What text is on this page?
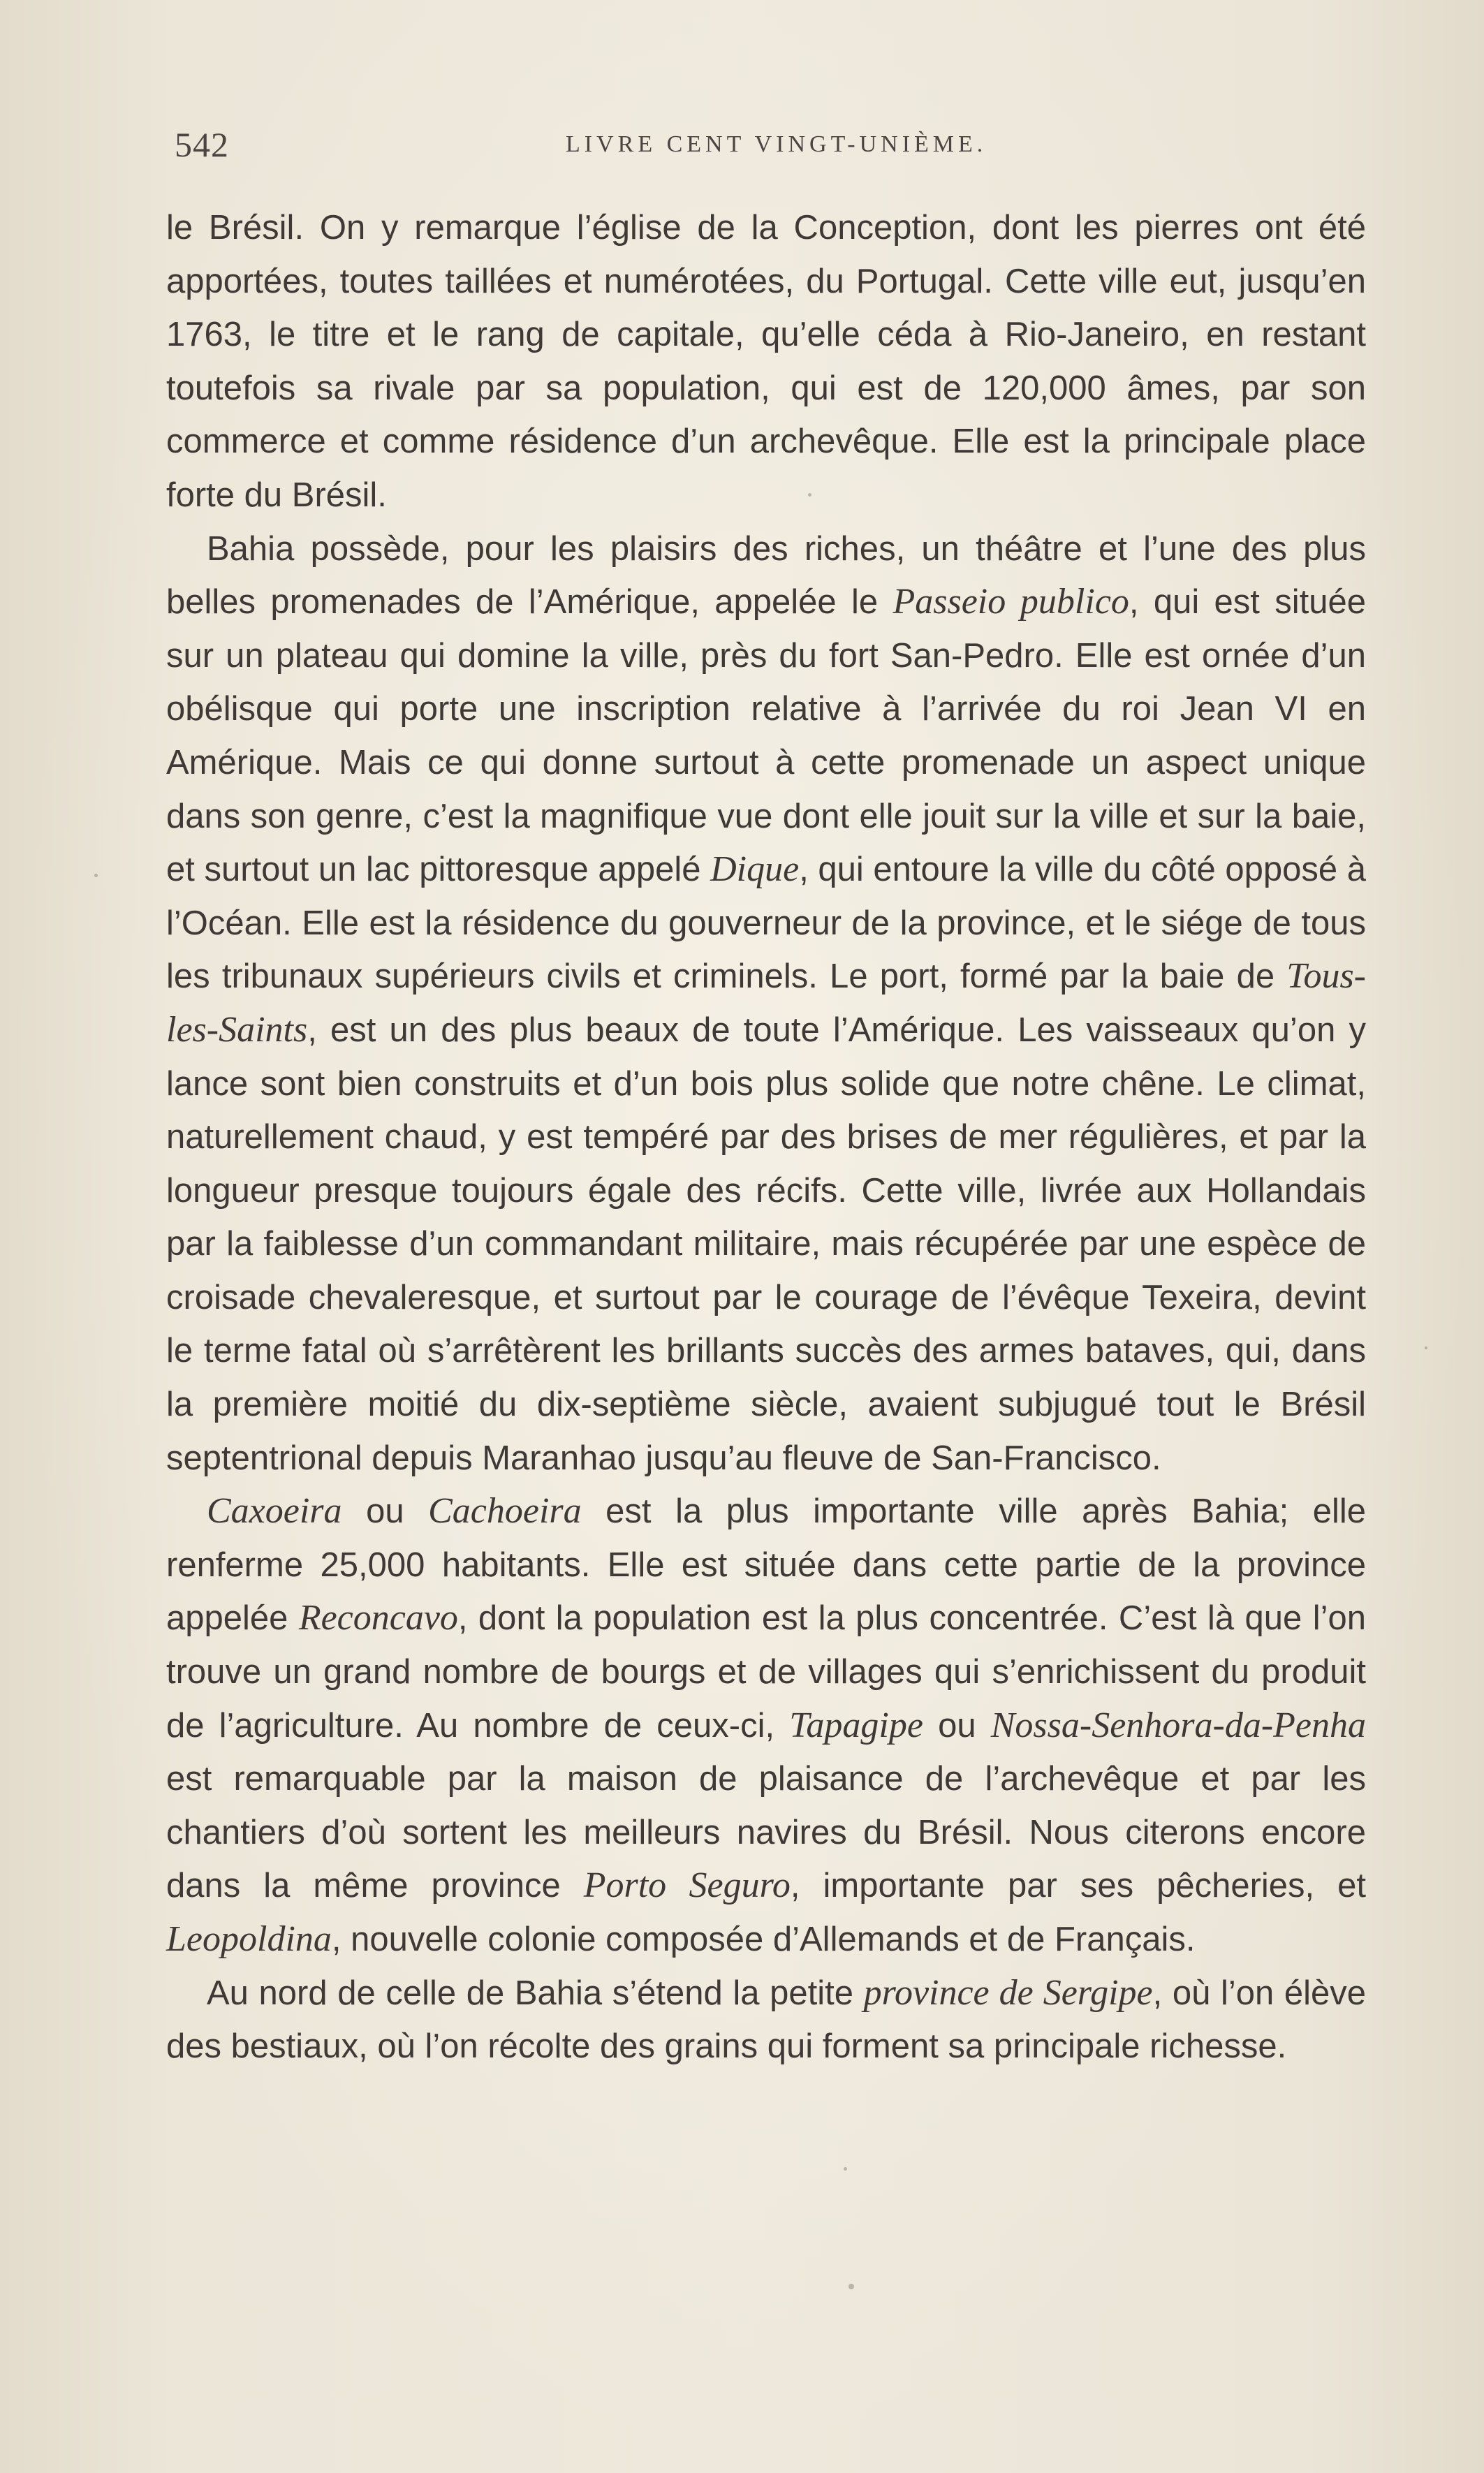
542	LIVRE CENT VINGT-UNIÈME.

le Brésil. On y remarque l’église de la Conception, dont les pierres ont été apportées, toutes taillées et numérotées, du Portugal. Cette ville eut, jusqu’en 1763, le titre et le rang de capitale, qu’elle céda à Rio-Janeiro, en restant toutefois sa rivale par sa population, qui est de 120,000 âmes, par son commerce et comme résidence d’un archevêque. Elle est la principale place forte du Brésil.

Bahia possède, pour les plaisirs des riches, un théâtre et l’une des plus belles promenades de l’Amérique, appelée le Passeio publico, qui est située sur un plateau qui domine la ville, près du fort San-Pedro. Elle est ornée d’un obélisque qui porte une inscription relative à l’arrivée du roi Jean VI en Amérique. Mais ce qui donne surtout à cette promenade un aspect unique dans son genre, c’est la magnifique vue dont elle jouit sur la ville et sur la baie, et surtout un lac pittoresque appelé Dique, qui entoure la ville du côté opposé à l’Océan. Elle est la résidence du gouverneur de la province, et le siége de tous les tribunaux supérieurs civils et criminels. Le port, formé par la baie de Tous-les-Saints, est un des plus beaux de toute l’Amérique. Les vaisseaux qu’on y lance sont bien construits et d’un bois plus solide que notre chêne. Le climat, naturellement chaud, y est tempéré par des brises de mer régulières, et par la longueur presque toujours égale des récifs. Cette ville, livrée aux Hollandais par la faiblesse d’un commandant militaire, mais récupérée par une espèce de croisade chevaleresque, et surtout par le courage de l’évêque Texeira, devint le terme fatal où s’arrêtèrent les brillants succès des armes bataves, qui, dans la première moitié du dix-septième siècle, avaient subjugué tout le Brésil septentrional depuis Maranhao jusqu’au fleuve de San-Francisco.

Caxoeira ou Cachoeira est la plus importante ville après Bahia; elle renferme 25,000 habitants. Elle est située dans cette partie de la province appelée Reconcavo, dont la population est la plus concentrée. C’est là que l’on trouve un grand nombre de bourgs et de villages qui s’enrichissent du produit de l’agriculture. Au nombre de ceux-ci, Tapagipe ou Nossa-Senhora-da-Penha est remarquable par la maison de plaisance de l’archevêque et par les chantiers d’où sortent les meilleurs navires du Brésil. Nous citerons encore dans la même province Porto Seguro, importante par ses pêcheries, et Leopoldina, nouvelle colonie composée d’Allemands et de Français.

Au nord de celle de Bahia s’étend la petite province de Sergipe, où l’on élève des bestiaux, où l’on récolte des grains qui forment sa principale richesse.
